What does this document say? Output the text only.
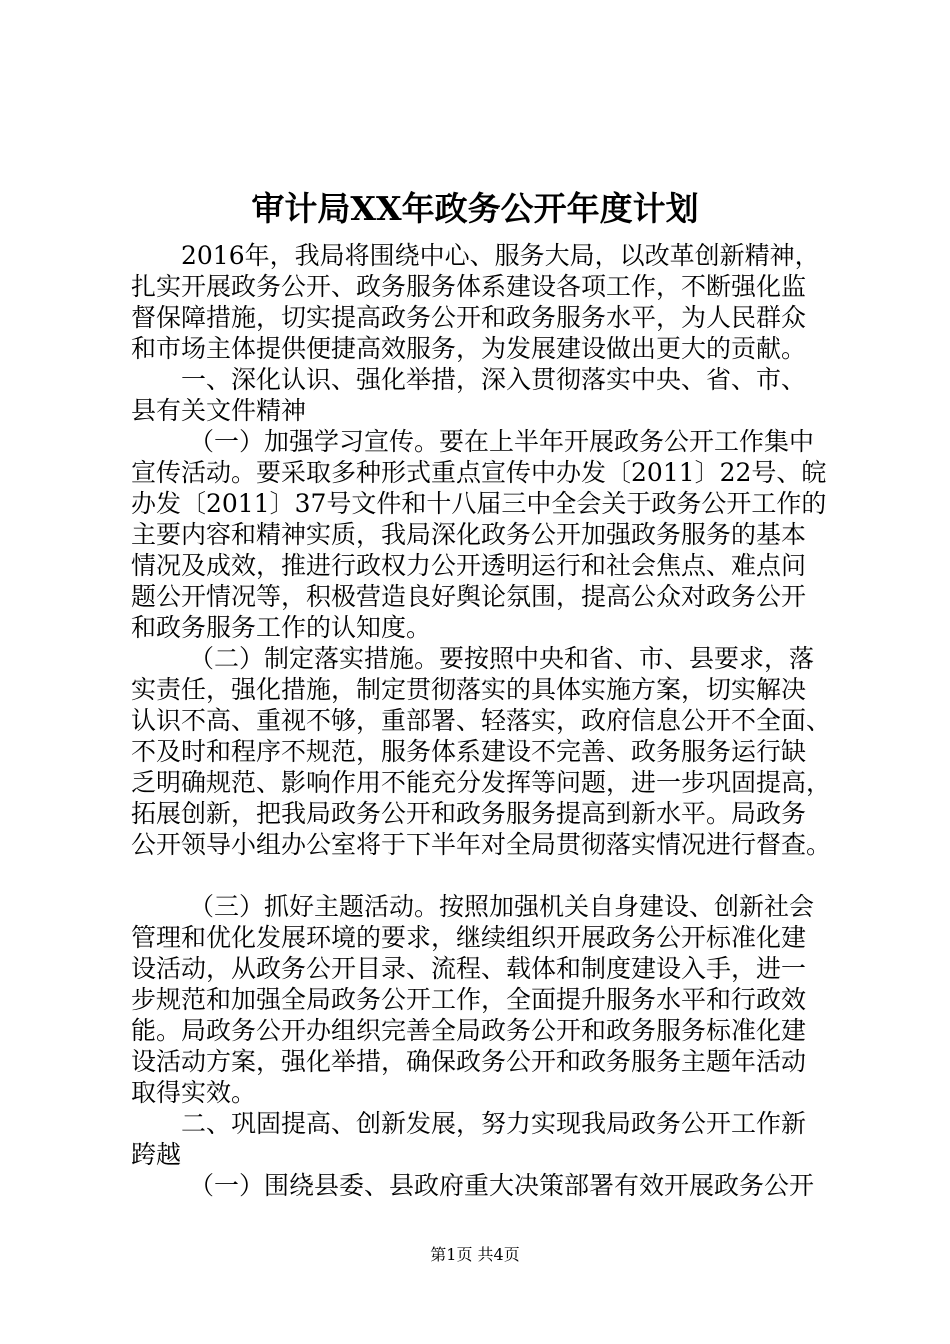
审计局XX年政务公开年度计划
2016年，我局将围绕中心、服务大局，以改革创新精神，
扎实开展政务公开、政务服务体系建设各项工作，不断强化监
督保障措施，切实提高政务公开和政务服务水平，为人民群众
和市场主体提供便捷高效服务，为发展建设做出更大的贡献。
一、深化认识、强化举措，深入贯彻落实中央、省、市、
县有关文件精神
（一）加强学习宣传。要在上半年开展政务公开工作集中
宣传活动。要采取多种形式重点宣传中办发〔2011〕22号、皖
办发〔2011〕37号文件和十八届三中全会关于政务公开工作的
主要内容和精神实质，我局深化政务公开加强政务服务的基本
情况及成效，推进行政权力公开透明运行和社会焦点、难点问
题公开情况等，积极营造良好舆论氛围，提高公众对政务公开
和政务服务工作的认知度。
（二）制定落实措施。要按照中央和省、市、县要求，落
实责任，强化措施，制定贯彻落实的具体实施方案，切实解决
认识不高、重视不够，重部署、轻落实，政府信息公开不全面、
不及时和程序不规范，服务体系建设不完善、政务服务运行缺
乏明确规范、影响作用不能充分发挥等问题，进一步巩固提高，
拓展创新，把我局政务公开和政务服务提高到新水平。局政务
公开领导小组办公室将于下半年对全局贯彻落实情况进行督查。
（三）抓好主题活动。按照加强机关自身建设、创新社会
管理和优化发展环境的要求，继续组织开展政务公开标准化建
设活动，从政务公开目录、流程、载体和制度建设入手，进一
步规范和加强全局政务公开工作，全面提升服务水平和行政效
能。局政务公开办组织完善全局政务公开和政务服务标准化建
设活动方案，强化举措，确保政务公开和政务服务主题年活动
取得实效。
二、巩固提高、创新发展，努力实现我局政务公开工作新
跨越
（一）围绕县委、县政府重大决策部署有效开展政务公开
第1页 共4页
